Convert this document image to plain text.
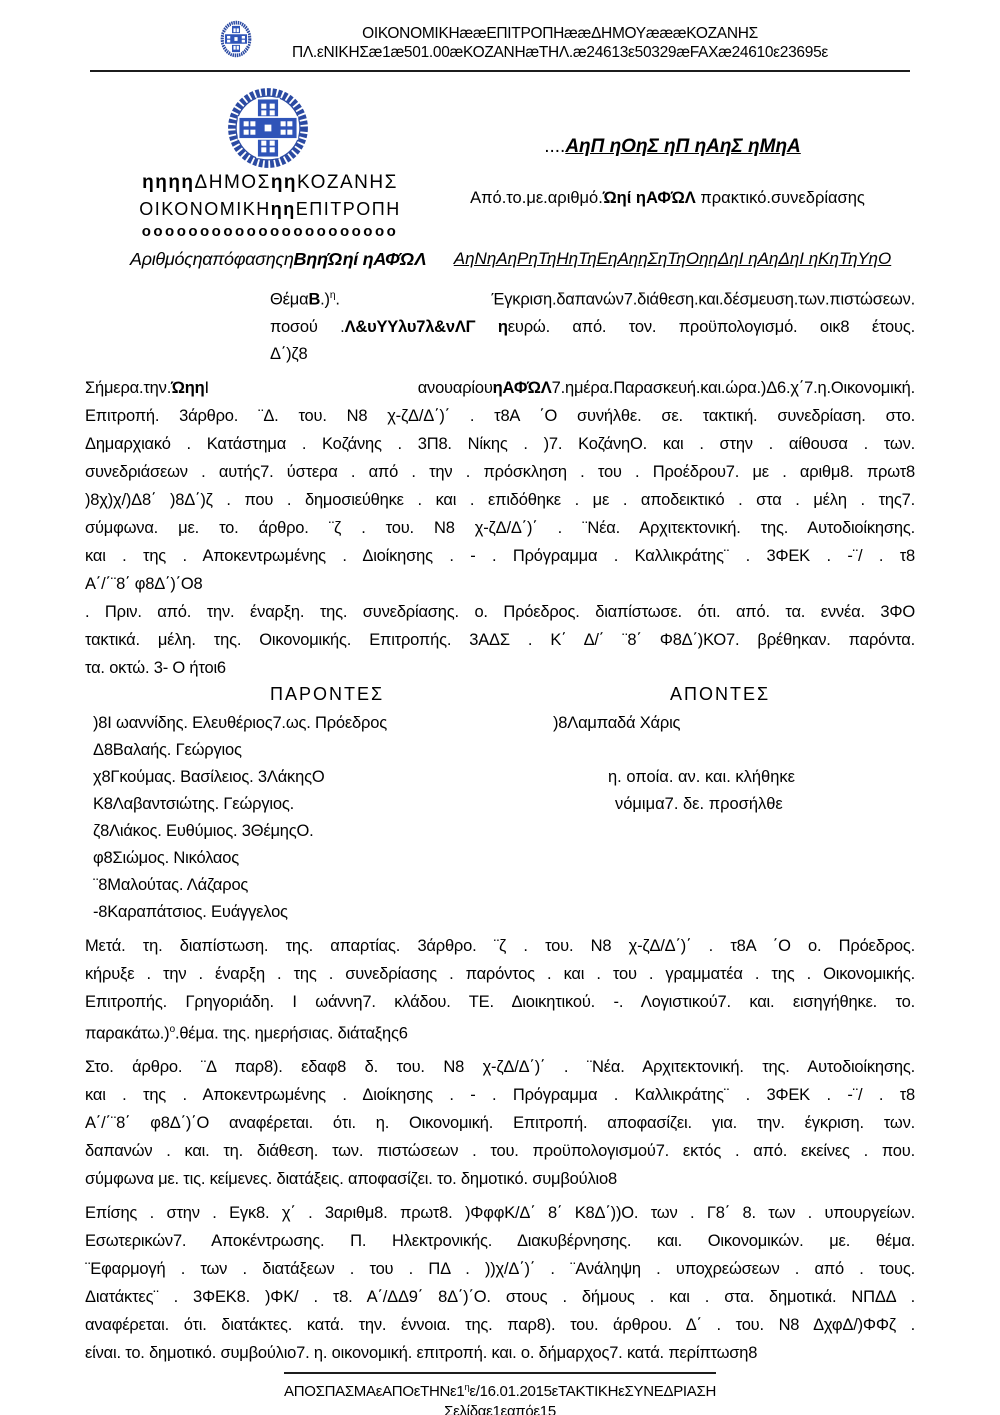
ΟΙΚΟΝΟΜΙΚΗææΕΠΙΤΡΟΠΗææΔΗΜΟΥæææΚΟΖΑΝΗΣ
ΠΛ.εΝΙΚΗΣæ1æ501.00æΚΟΖΑΝΗæΤΗΛ.æ24613ε50329æFAXæ24610ε23695ε
ηηηηΔΗΜΟΣηηΚΟΖΑΝΗΣ
ΟΙΚΟΝΟΜΙΚΗηηΕΠΙΤΡΟΠΗ
οοοοοοοοοοοοοοοοοοοοοο
ΑριθμόςηαπόφασηςηΒηηΏηί ηΑΦΏΛ
....ΑηΠ ηΟηΣ ηΠ ηΑηΣ ηΜηΑ
Από.το.με.αριθμό.Ώηί ηΑΦΏΛ πρακτικό.συνεδρίασης
ΑηΝηΑηΡηΤηΗηΤηΕηΑηηΣηΤηΟηηΔηΙ ηΑηΔηΙ ηΚηΤηΥηΟ
ΘέμαΒ.)$^\eta$. Έγκριση.δαπανών7.διάθεση.και.δέσμευση.των.πιστώσεων.
ποσού .Λ&υΥΥλυ7λ&νΛΓ ηευρώ. από. τον. προϋπολογισμό. οικ8 έτους.
Δ΄)ζ8
Σήμερα.την.ΏηηΙ ανουαρίουηΑΦΏΛ7.ημέρα.Παρασκευή.και.ώρα.)Δ6.χ΄7.η.Οικονομική.
Επιτροπή. 3άρθρο. ¨Δ. του. Ν8 χ-ζΔ/Δ΄)΄ . τ8Α ΄Ο συνήλθε. σε. τακτική. συνεδρίαση. στο.
Δημαρχιακό . Κατάστημα . Κοζάνης . 3Π8. Νίκης . )7. ΚοζάνηΟ. και . στην . αίθουσα . των.
συνεδριάσεων . αυτής7. ύστερα . από . την . πρόσκληση . του . Προέδρου7. με . αριθμ8. πρωτ8
)8χ)χ/)Δ8΄ )8Δ΄)ζ . που . δημοσιεύθηκε . και . επιδόθηκε . με . αποδεικτικό . στα . μέλη . της7.
σύμφωνα. με. το. άρθρο. ¨ζ . του. Ν8 χ-ζΔ/Δ΄)΄ . ¨Νέα. Αρχιτεκτονική. της. Αυτοδιοίκησης.
και . της . Αποκεντρωμένης . Διοίκησης . - . Πρόγραμμα . Καλλικράτης¨ . 3ΦΕΚ . -¨/ . τ8
Α΄/΄¨8΄ φ8Δ΄)΄Ο8
. Πριν. από. την. έναρξη. της. συνεδρίασης. ο. Πρόεδρος. διαπίστωσε. ότι. από. τα. εννέα. 3ΦΟ
τακτικά. μέλη. της. Οικονομικής. Επιτροπής. 3ΑΔΣ . Κ΄ Δ/΄ ¨8΄ Φ8Δ΄)ΚΟ7. βρέθηκαν. παρόντα.
τα. οκτώ. 3- Ο ήτοι6
ΠΑΡΟΝΤΕΣ	ΑΠΟΝΤΕΣ
)8Ι ωαννίδης. Ελευθέριος7.ως. Πρόεδρος
Δ8Βαλαής. Γεώργιος
χ8Γκούμας. Βασίλειος. 3ΛάκηςΟ
Κ8Λαβαντσιώτης. Γεώργιος.
ζ8Λιάκος. Ευθύμιος. 3ΘέμηςΟ.
φ8Σιώμος. Νικόλαος
¨8Μαλούτας. Λάζαρος
-8Καραπάτσιος. Ευάγγελος
)8Λαμπαδά Χάρις
η. οποία. αν. και. κλήθηκε
νόμιμα7. δε. προσήλθε
Μετά. τη. διαπίστωση. της. απαρτίας. 3άρθρο. ¨ζ . του. Ν8 χ-ζΔ/Δ΄)΄ . τ8Α ΄Ο ο. Πρόεδρος.
κήρυξε . την . έναρξη . της . συνεδρίασης . παρόντος . και . του . γραμματέα . της . Οικονομικής.
Επιτροπής. Γρηγοριάδη. Ι ωάννη7. κλάδου. ΤΕ. Διοικητικού. -. Λογιστικού7. και. εισηγήθηκε. το.
παρακάτω.)$^o$.θέμα. της. ημερήσιας. διάταξης6
Στο. άρθρο. ¨Δ παρ8). εδαφ8 δ. του. Ν8 χ-ζΔ/Δ΄)΄ . ¨Νέα. Αρχιτεκτονική. της. Αυτοδιοίκησης.
και . της . Αποκεντρωμένης . Διοίκησης . - . Πρόγραμμα . Καλλικράτης¨ . 3ΦΕΚ . -¨/ . τ8
Α΄/΄¨8΄ φ8Δ΄)΄Ο αναφέρεται. ότι. η. Οικονομική. Επιτροπή. αποφασίζει. για. την. έγκριση. των.
δαπανών . και. τη. διάθεση. των. πιστώσεων . του. προϋπολογισμού7. εκτός . από. εκείνες . που.
σύμφωνα με. τις. κείμενες. διατάξεις. αποφασίζει. το. δημοτικό. συμβούλιο8
Επίσης . στην . Εγκ8. χ΄ . 3αριθμ8. πρωτ8. )ΦφφΚ/Δ΄ 8΄ Κ8Δ΄))Ο. των . Γ8΄ 8. των . υπουργείων.
Εσωτερικών7. Αποκέντρωσης. Π. Ηλεκτρονικής. Διακυβέρνησης. και. Οικονομικών. με. θέμα.
¨Εφαρμογή . των . διατάξεων . του . ΠΔ . ))χ/Δ΄)΄ . ¨Ανάληψη . υποχρεώσεων . από . τους.
Διατάκτες¨ . 3ΦΕΚ8. )ΦΚ/ . τ8. Α΄/ΔΔ9΄ 8Δ΄)΄Ο. στους . δήμους . και . στα. δημοτικά. ΝΠΔΔ .
αναφέρεται. ότι. διατάκτες. κατά. την. έννοια. της. παρ8). του. άρθρου. Δ΄ . του. Ν8 ΔχφΔ/)ΦΦζ .
είναι. το. δημοτικό. συμβούλιο7. η. οικονομική. επιτροπή. και. ο. δήμαρχος7. κατά. περίπτωση8
$A\Pi O\Sigma\Pi A\Sigma MA\varepsilon A\Pi O\varepsilon THN\varepsilon 1^\eta\varepsilon/16.01.2015\varepsilon TAKTIKH\varepsilon\Sigma\Upsilon NE\Delta PIA\Sigma H$
Σελίδαε1εαπόε15
